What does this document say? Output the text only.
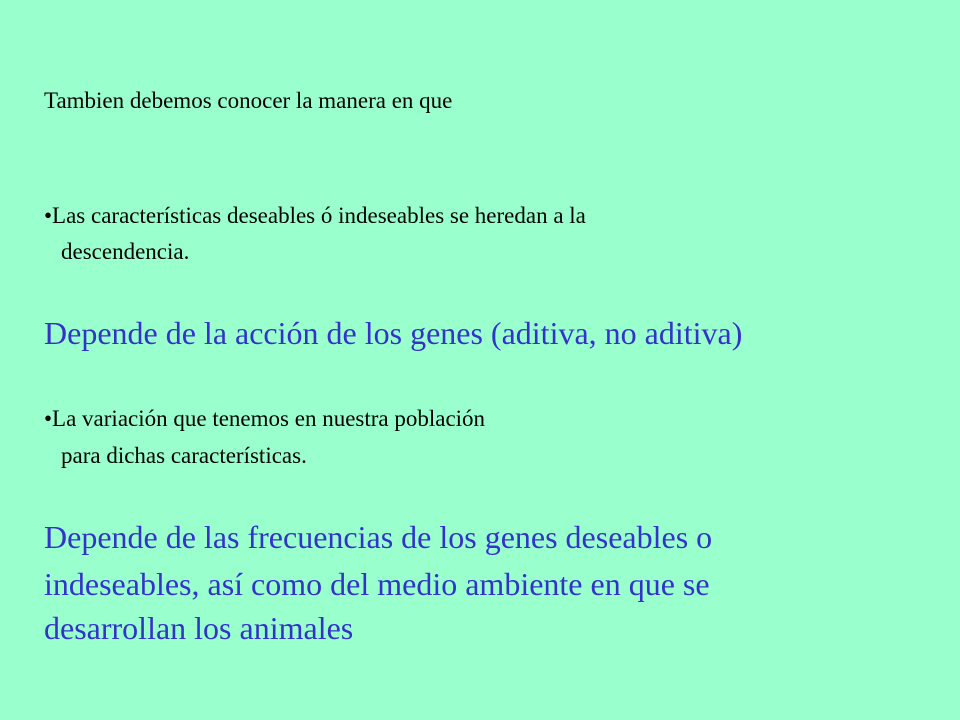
Tambien debemos conocer la manera en que
•Las características deseables ó indeseables se heredan a la
descendencia.
Depende de la acción de los genes (aditiva, no aditiva)
•La variación que tenemos en nuestra población
para dichas características.
Depende de las frecuencias de los genes deseables o
indeseables, así como del medio ambiente en que se
desarrollan los animales
